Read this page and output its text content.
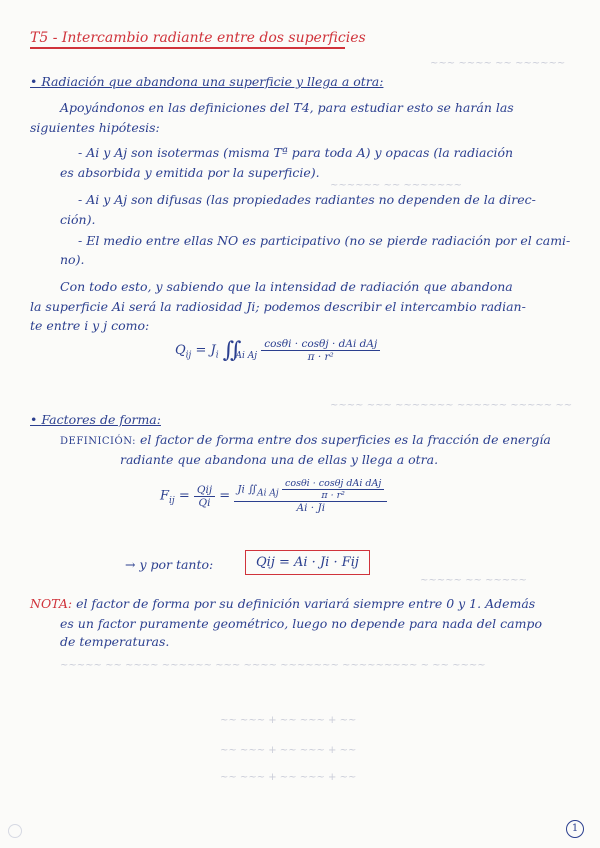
~~~ ~~~~ ~~ ~~~~~~
~~~~~~ ~~ ~~~~~~~
~~~~ ~~~ ~~~~~~~ ~~~~~~ ~~~~~ ~~
~~~~~ ~~ ~~~~~
~~~~~ ~~ ~~~~ ~~~~~~ ~~~ ~~~~ ~~~~~~~ ~~~~~~~~~ ~ ~~ ~~~~
~~ ~~~ + ~~ ~~~ + ~~
~~ ~~~ + ~~ ~~~ + ~~
~~ ~~~ + ~~ ~~~ + ~~
T5 - Intercambio radiante entre dos superficies
• Radiación que abandona una superficie y llega a otra:
Apoyándonos en las definiciones del T4, para estudiar esto se harán las
siguientes hipótesis:
- Ai y Aj son isotermas (misma Tª para toda A) y opacas (la radiación
es absorbida y emitida por la superficie).
- Ai y Aj son difusas (las propiedades radiantes no dependen de la direc-
ción).
- El medio entre ellas NO es participativo (no se pierde radiación por el cami-
no).
Con todo esto, y sabiendo que la intensidad de radiación que abandona
la superficie Ai será la radiosidad Ji; podemos describir el intercambio radian-
te entre i y j como:
$Q_{ij} = J_i$ $∬_{Ai Aj} \frac{\text{cosθi · cosθj · dAi dAj}}{\text{π · r²}}$
• Factores de forma:
DEFINICIÓN: el factor de forma entre dos superficies es la fracción de energía
radiante que abandona una de ellas y llega a otra.
$F_{ij} = \frac{\text{Qij}}{Qi} = Ji$ ∬Ai Aj $\frac{\text{cosθi · cosθj dAi dAj}}{\text{π · r²}}$
Ai · Ji
→ y por tanto:	Qij = Ai · Ji · Fij
NOTA: el factor de forma por su definición variará siempre entre 0 y 1. Además
es un factor puramente geométrico, luego no depende para nada del campo
de temperaturas.
1
